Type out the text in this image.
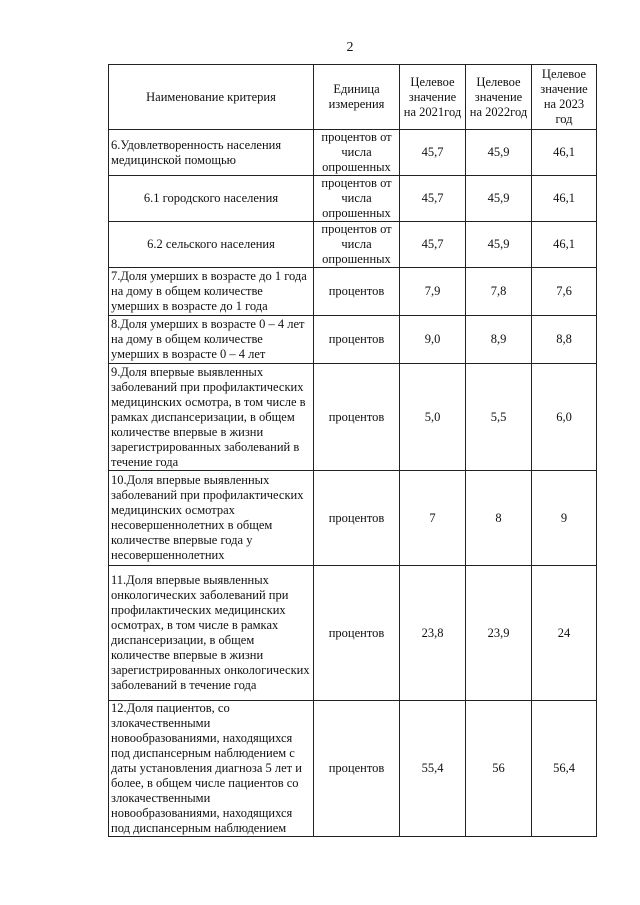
2
Наименование критерия	Единица измерения	Целевое значение на 2021год	Целевое значение на 2022год	Целевое значение на 2023 год
6.Удовлетворенность населения медицинской помощью	процентов от числа опрошенных	45,7	45,9	46,1
6.1 городского населения	процентов от числа опрошенных	45,7	45,9	46,1
6.2 сельского населения	процентов от числа опрошенных	45,7	45,9	46,1
7.Доля умерших в возрасте до 1 года на дому в общем количестве умерших в возрасте до 1 года	процентов	7,9	7,8	7,6
8.Доля умерших в возрасте 0 – 4 лет на дому в общем количестве умерших в возрасте 0 – 4 лет	процентов	9,0	8,9	8,8
9.Доля впервые выявленных заболеваний при профилактических медицинских осмотра, в том числе в рамках диспансеризации, в общем количестве впервые в жизни зарегистрированных заболеваний в течение года	процентов	5,0	5,5	6,0
10.Доля впервые выявленных заболеваний при профилактических медицинских осмотрах несовершеннолетних в общем количестве впервые года у несовершеннолетних	процентов	7	8	9
11.Доля впервые выявленных онкологических заболеваний при профилактических медицинских осмотрах, в том числе в рамках диспансеризации, в общем количестве впервые в жизни зарегистрированных онкологических заболеваний в течение года	процентов	23,8	23,9	24
12.Доля пациентов, со злокачественными новообразованиями, находящихся под диспансерным наблюдением с даты установления диагноза 5 лет и более, в общем числе пациентов со злокачественными новообразованиями, находящихся под диспансерным наблюдением	процентов	55,4	56	56,4
